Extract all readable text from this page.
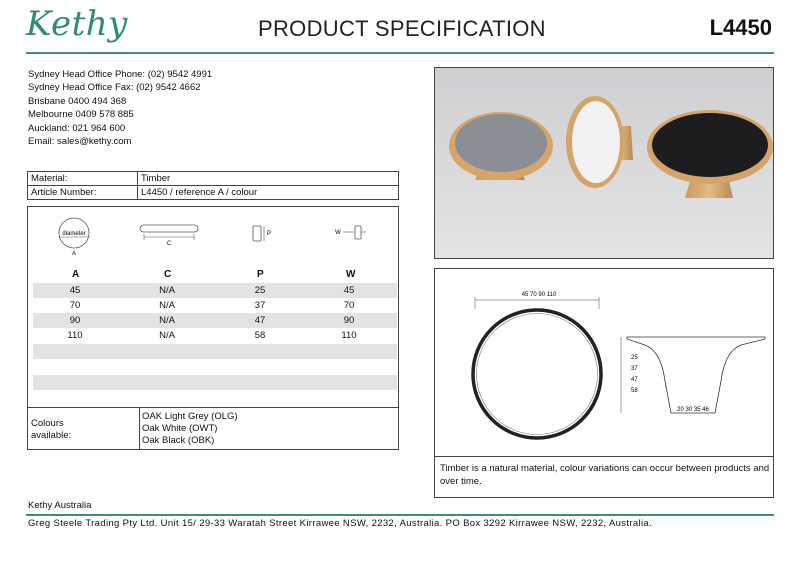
Kethy	PRODUCT SPECIFICATION	L4450
Sydney Head Office Phone: (02) 9542 4991
Sydney Head Office Fax: (02) 9542 4662
Brisbane 0400 494 368
Melbourne 0409 578 885
Auckland: 021 964 600
Email: sales@kethy.com
Material:	Timber
Article Number:	L4450 / reference A / colour
diameter
A
C
P	W
A	C	P	W
45	N/A	25	45
70	N/A	37	70
90	N/A	47	90
110	N/A	58	110
Colours
available:
OAK Light Grey (OLG)
Oak White (OWT)
Oak Black (OBK)
45 70 90 110
25
37
47
58
20 30 35 46
Timber is a natural material, colour variations can occur between products and over time.
Kethy Australia
Greg Steele Trading Pty Ltd. Unit 15/ 29-33 Waratah Street Kirrawee NSW, 2232, Australia. PO Box 3292 Kirrawee NSW, 2232, Australia.
